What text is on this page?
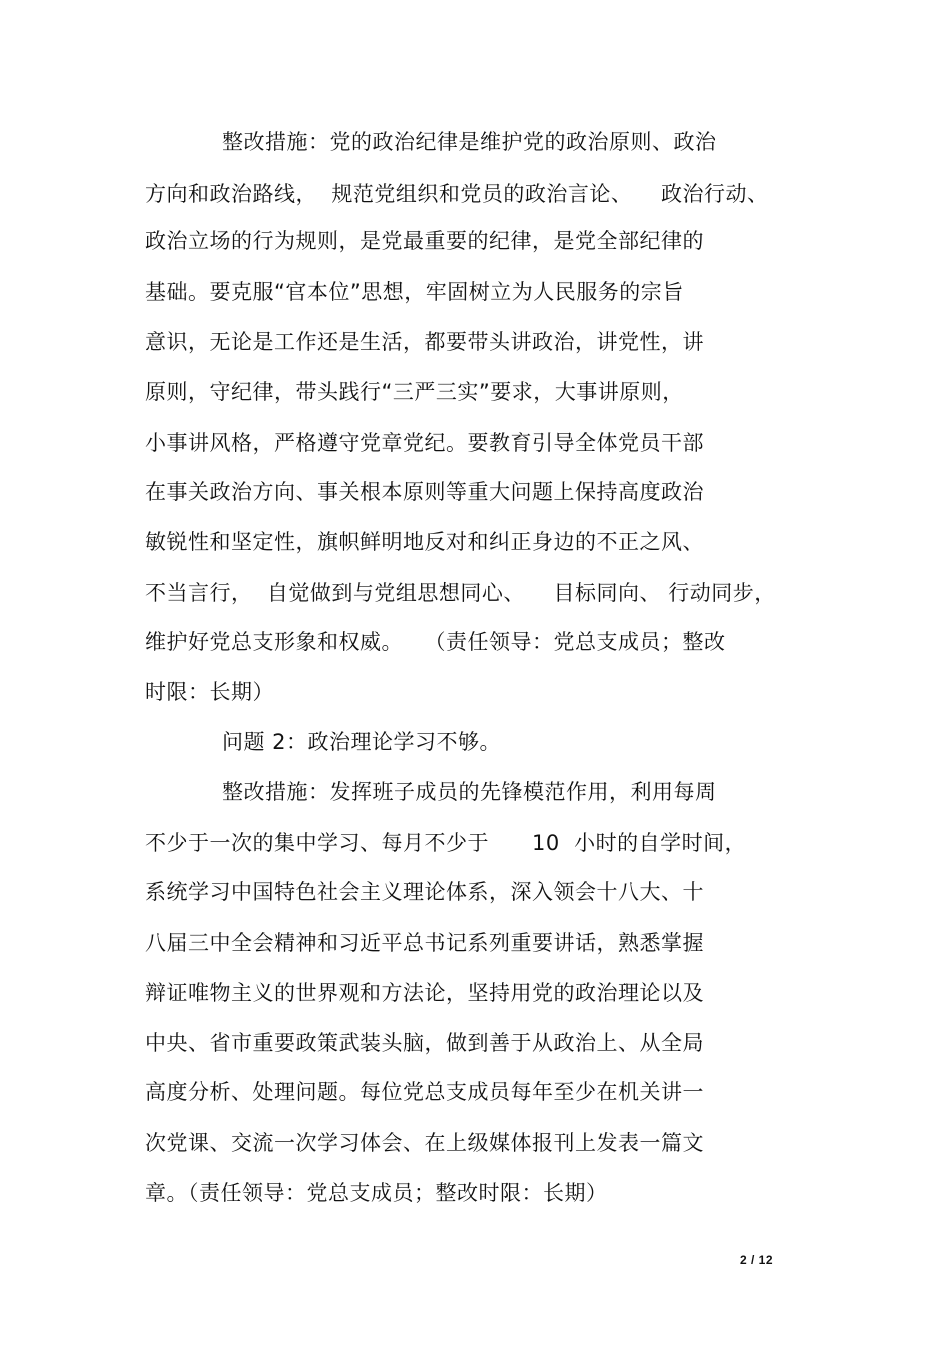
整改措施：党的政治纪律是维护党的政治原则、政治
方向和政治路线，  规范党组织和党员的政治言论、    政治行动、
政治立场的行为规则，是党最重要的纪律，是党全部纪律的
基础。要克服“官本位”思想，牢固树立为人民服务的宗旨
意识，无论是工作还是生活，都要带头讲政治，讲党性，讲
原则，守纪律，带头践行“三严三实”要求，大事讲原则，
小事讲风格，严格遵守党章党纪。要教育引导全体党员干部
在事关政治方向、事关根本原则等重大问题上保持高度政治
敏锐性和坚定性，旗帜鲜明地反对和纠正身边的不正之风、
不当言行，  自觉做到与党组思想同心、    目标同向、 行动同步，
维护好党总支形象和权威。   （责任领导：党总支成员；整改
时限：长期）
问题 2：政治理论学习不够。
整改措施：发挥班子成员的先锋模范作用，利用每周
不少于一次的集中学习、每月不少于      10  小时的自学时间，
系统学习中国特色社会主义理论体系，深入领会十八大、十
八届三中全会精神和习近平总书记系列重要讲话，熟悉掌握
辩证唯物主义的世界观和方法论，坚持用党的政治理论以及
中央、省市重要政策武装头脑，做到善于从政治上、从全局
高度分析、处理问题。每位党总支成员每年至少在机关讲一
次党课、交流一次学习体会、在上级媒体报刊上发表一篇文
章。（责任领导：党总支成员；整改时限：长期）
2 / 12
